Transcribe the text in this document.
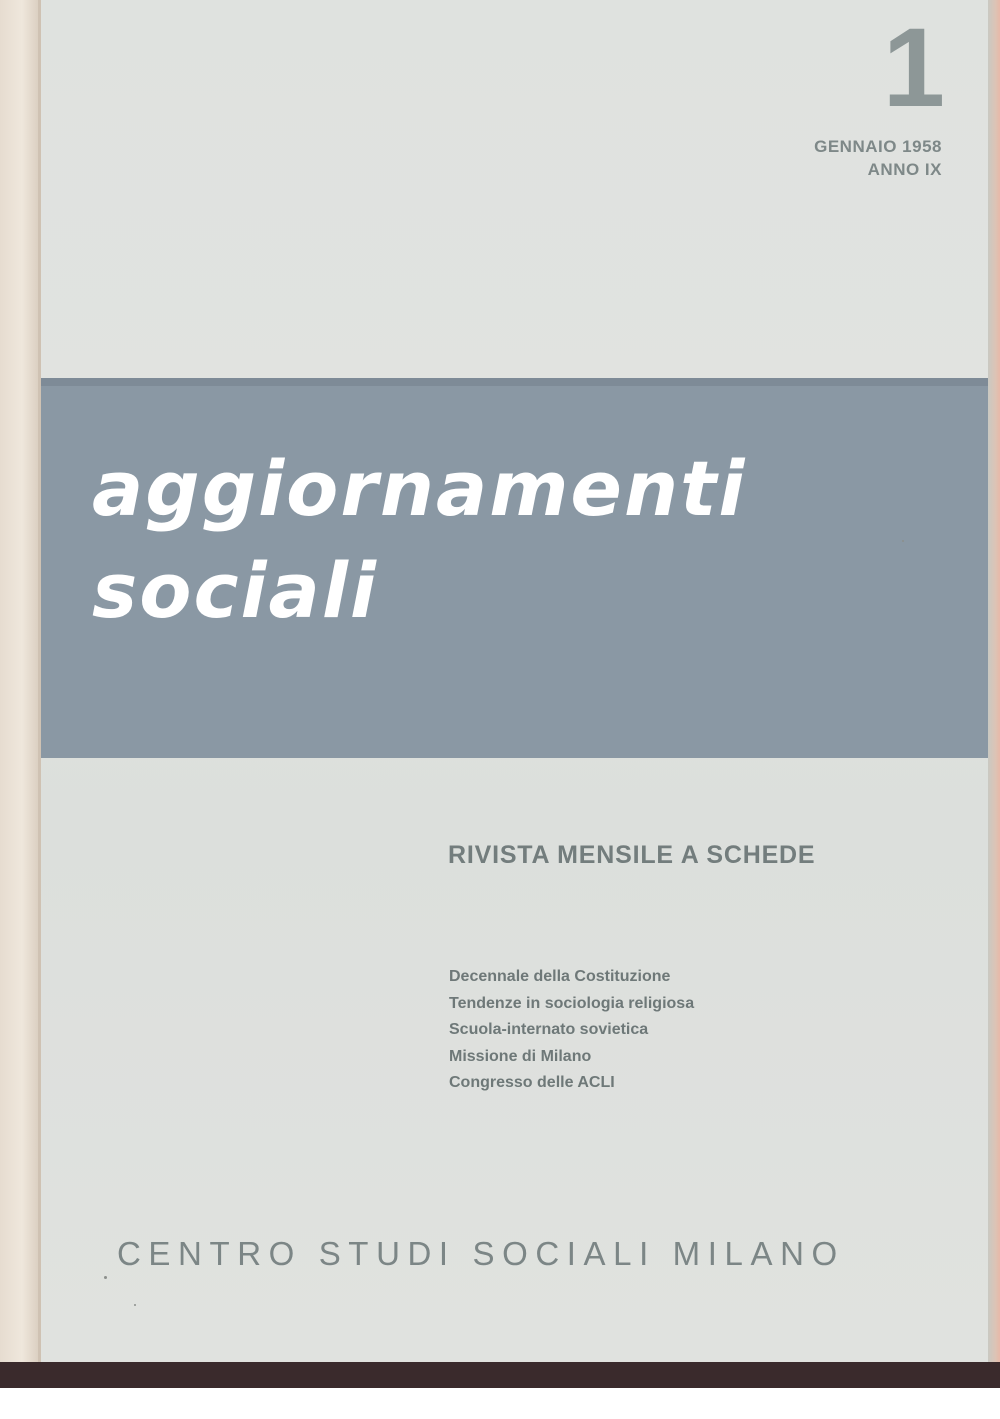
1
GENNAIO 1958
ANNO IX
aggiornamenti
sociali
RIVISTA MENSILE A SCHEDE
Decennale della Costituzione
Tendenze in sociologia religiosa
Scuola-internato sovietica
Missione di Milano
Congresso delle ACLI
CENTRO STUDI SOCIALI MILANO
